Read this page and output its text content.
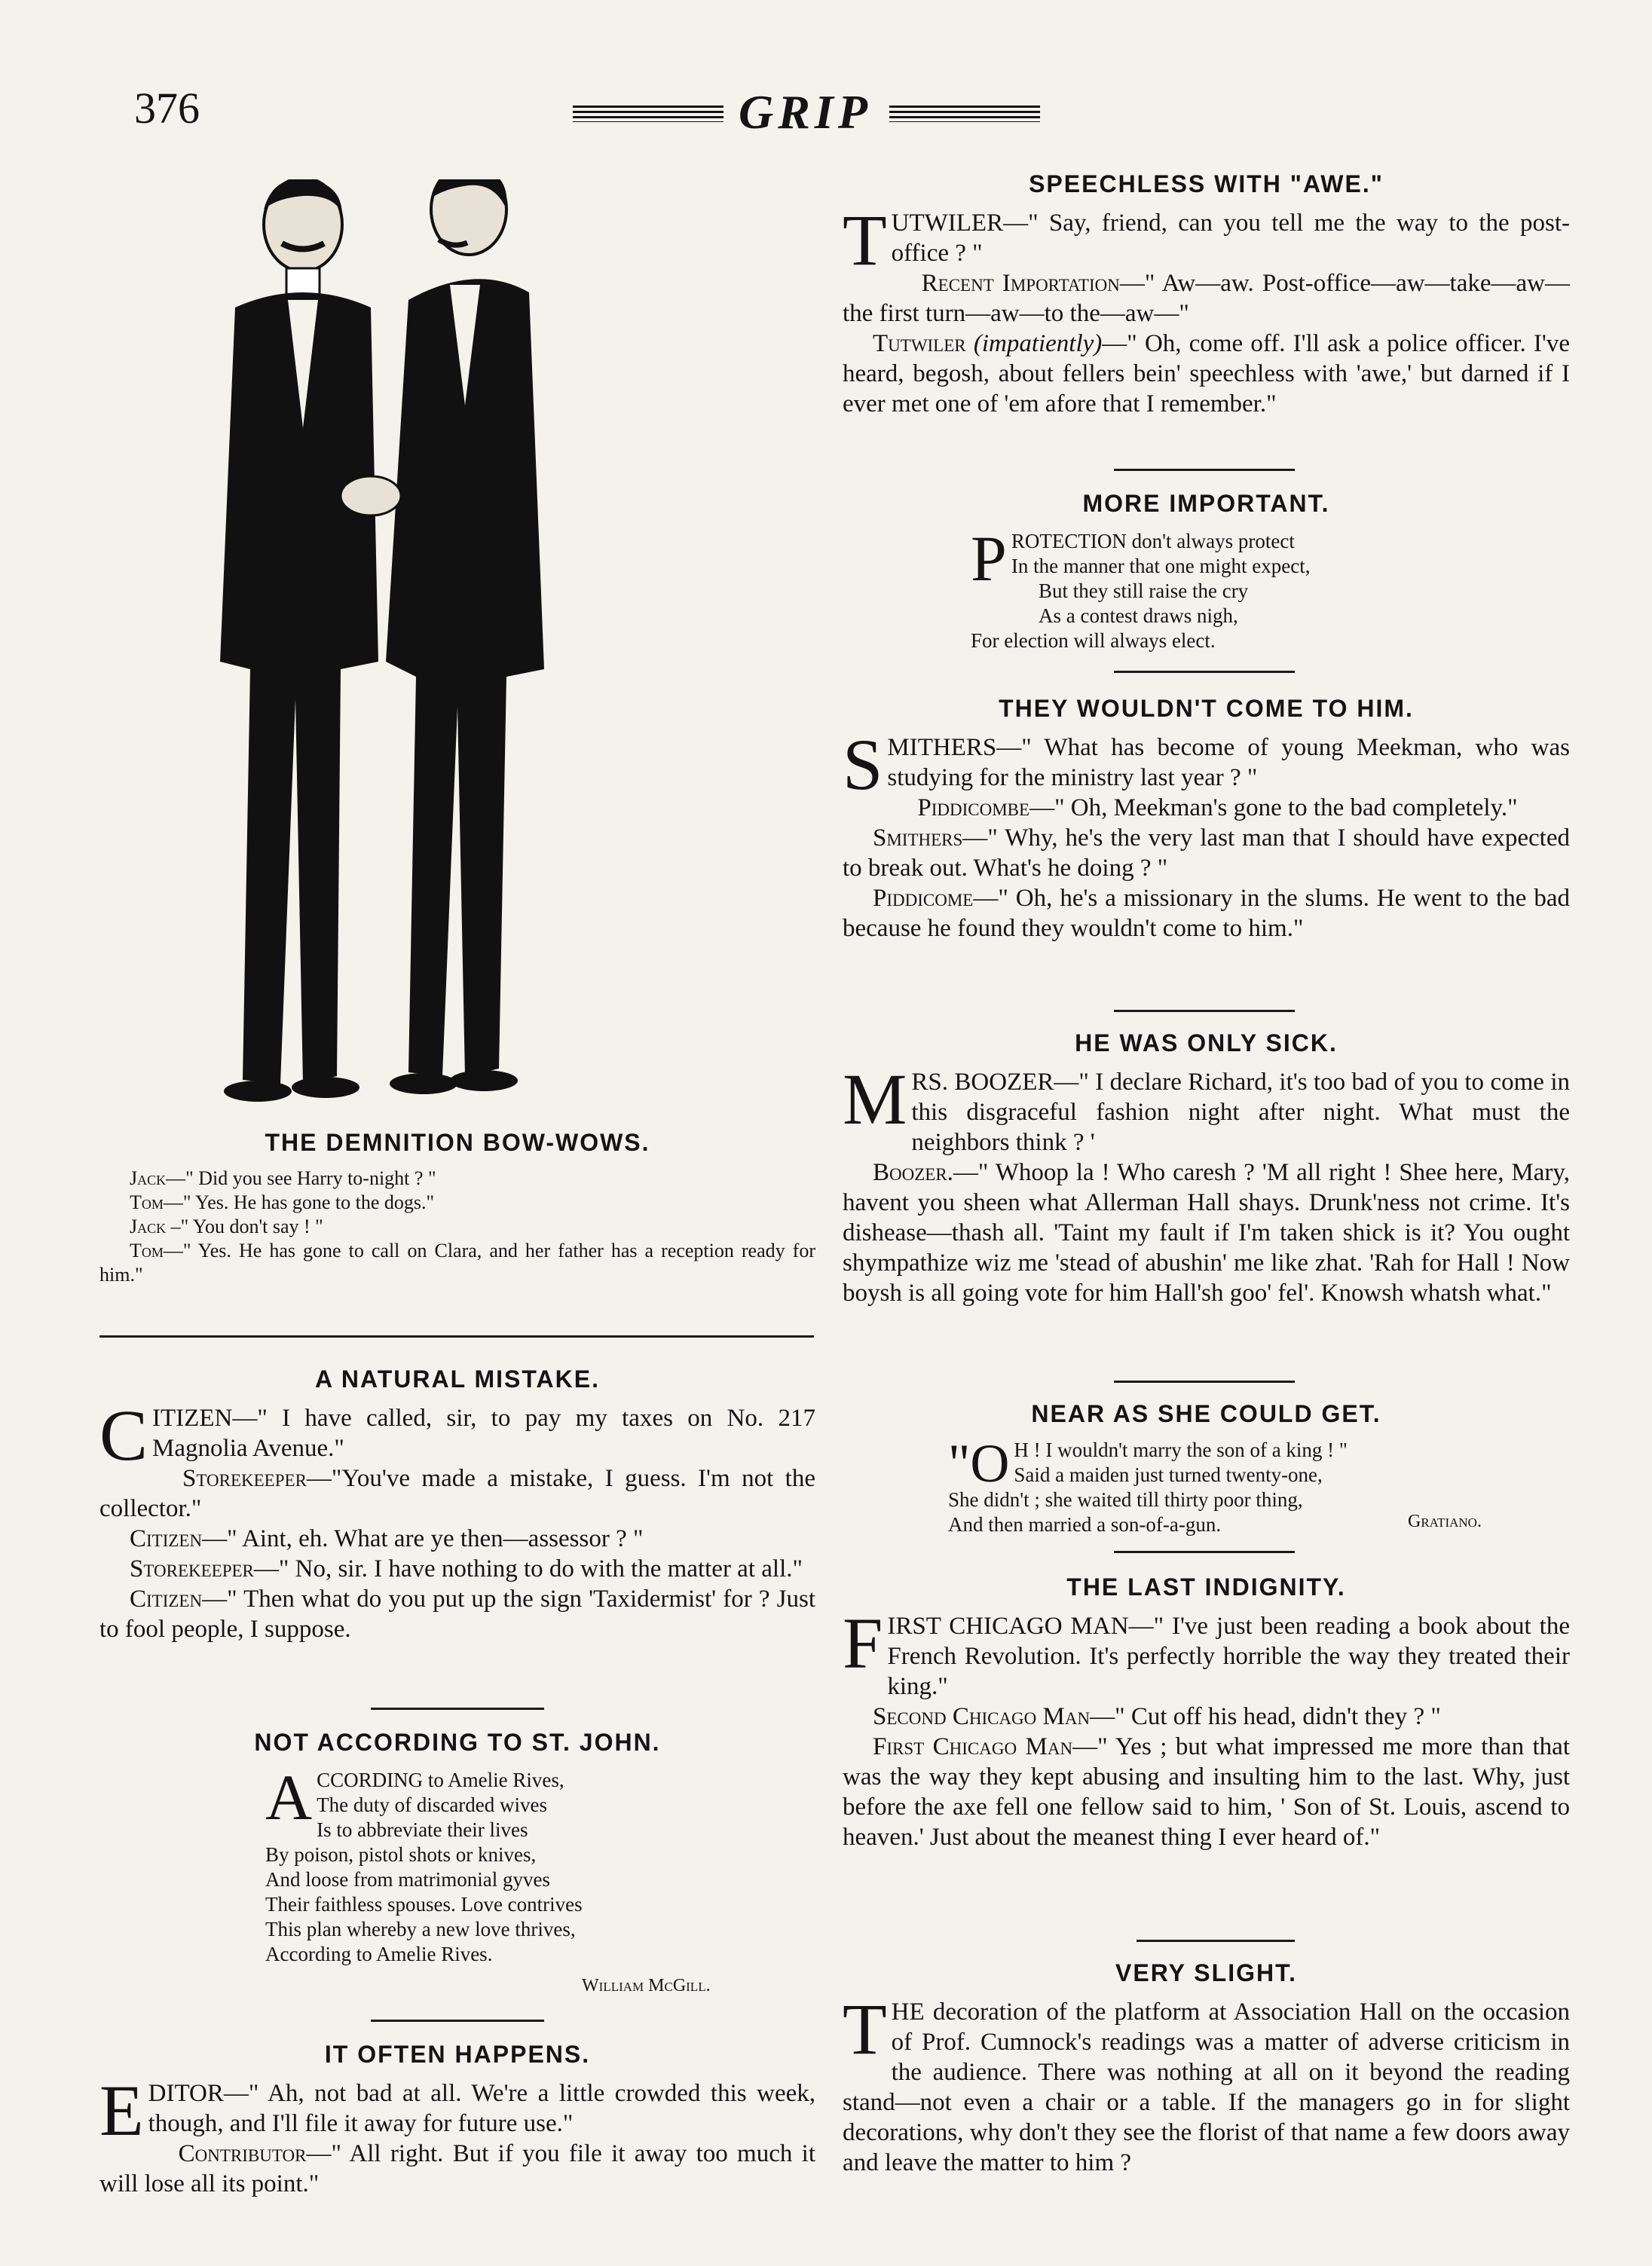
376	GRIP
THE DEMNITION BOW-WOWS.

Jack—" Did you see Harry to-night ? "

Tom—" Yes. He has gone to the dogs."

Jack –" You don't say ! "

Tom—" Yes. He has gone to call on Clara, and her father has a reception ready for him."

A NATURAL MISTAKE.

CITIZEN—" I have called, sir, to pay my taxes on No. 217 Magnolia Avenue."

Storekeeper—"You've made a mistake, I guess. I'm not the collector."

Citizen—" Aint, eh. What are ye then—assessor ? "

Storekeeper—" No, sir. I have nothing to do with the matter at all."

Citizen—" Then what do you put up the sign 'Taxidermist' for ? Just to fool people, I suppose.

NOT ACCORDING TO ST. JOHN.
A CCORDING to Amelie Rives,
The duty of discarded wives
Is to abbreviate their lives
By poison, pistol shots or knives,
And loose from matrimonial gyves
Their faithless spouses. Love contrives
This plan whereby a new love thrives,
According to Amelie Rives.
William McGill.
IT OFTEN HAPPENS.

EDITOR—" Ah, not bad at all. We're a little crowded this week, though, and I'll file it away for future use."

Contributor—" All right. But if you file it away too much it will lose all its point."

SPEECHLESS WITH "AWE."

TUTWILER—" Say, friend, can you tell me the way to the post-office ? "

Recent Importation—" Aw—aw. Post-office—aw—take—aw—the first turn—aw—to the—aw—"

Tutwiler (impatiently)—" Oh, come off. I'll ask a police officer. I've heard, begosh, about fellers bein' speechless with 'awe,' but darned if I ever met one of 'em afore that I remember."

MORE IMPORTANT.
P ROTECTION don't always protect
In the manner that one might expect,
But they still raise the cry
As a contest draws nigh,
For election will always elect.
THEY WOULDN'T COME TO HIM.

SMITHERS—" What has become of young Meekman, who was studying for the ministry last year ? "

Piddicombe—" Oh, Meekman's gone to the bad completely."

Smithers—" Why, he's the very last man that I should have expected to break out. What's he doing ? "

Piddicome—" Oh, he's a missionary in the slums. He went to the bad because he found they wouldn't come to him."

HE WAS ONLY SICK.

MRS. BOOZER—" I declare Richard, it's too bad of you to come in this disgraceful fashion night after night. What must the neighbors think ? '

Boozer.—" Whoop la ! Who caresh ? 'M all right ! Shee here, Mary, havent you sheen what Allerman Hall shays. Drunk'ness not crime. It's dishease—thash all. 'Taint my fault if I'm taken shick is it? You ought shympathize wiz me 'stead of abushin' me like zhat. 'Rah for Hall ! Now boysh is all going vote for him Hall'sh goo' fel'. Knowsh whatsh what."

NEAR AS SHE COULD GET.
"O H ! I wouldn't marry the son of a king ! "
Said a maiden just turned twenty-one,
She didn't ; she waited till thirty poor thing,
And then married a son-of-a-gun.	Gratiano.
THE LAST INDIGNITY.

FIRST CHICAGO MAN—" I've just been reading a book about the French Revolution. It's perfectly horrible the way they treated their king."

Second Chicago Man—" Cut off his head, didn't they ? "

First Chicago Man—" Yes ; but what impressed me more than that was the way they kept abusing and insulting him to the last. Why, just before the axe fell one fellow said to him, ' Son of St. Louis, ascend to heaven.' Just about the meanest thing I ever heard of."

VERY SLIGHT.

THE decoration of the platform at Association Hall on the occasion of Prof. Cumnock's readings was a matter of adverse criticism in the audience. There was nothing at all on it beyond the reading stand—not even a chair or a table. If the managers go in for slight decorations, why don't they see the florist of that name a few doors away and leave the matter to him ?
